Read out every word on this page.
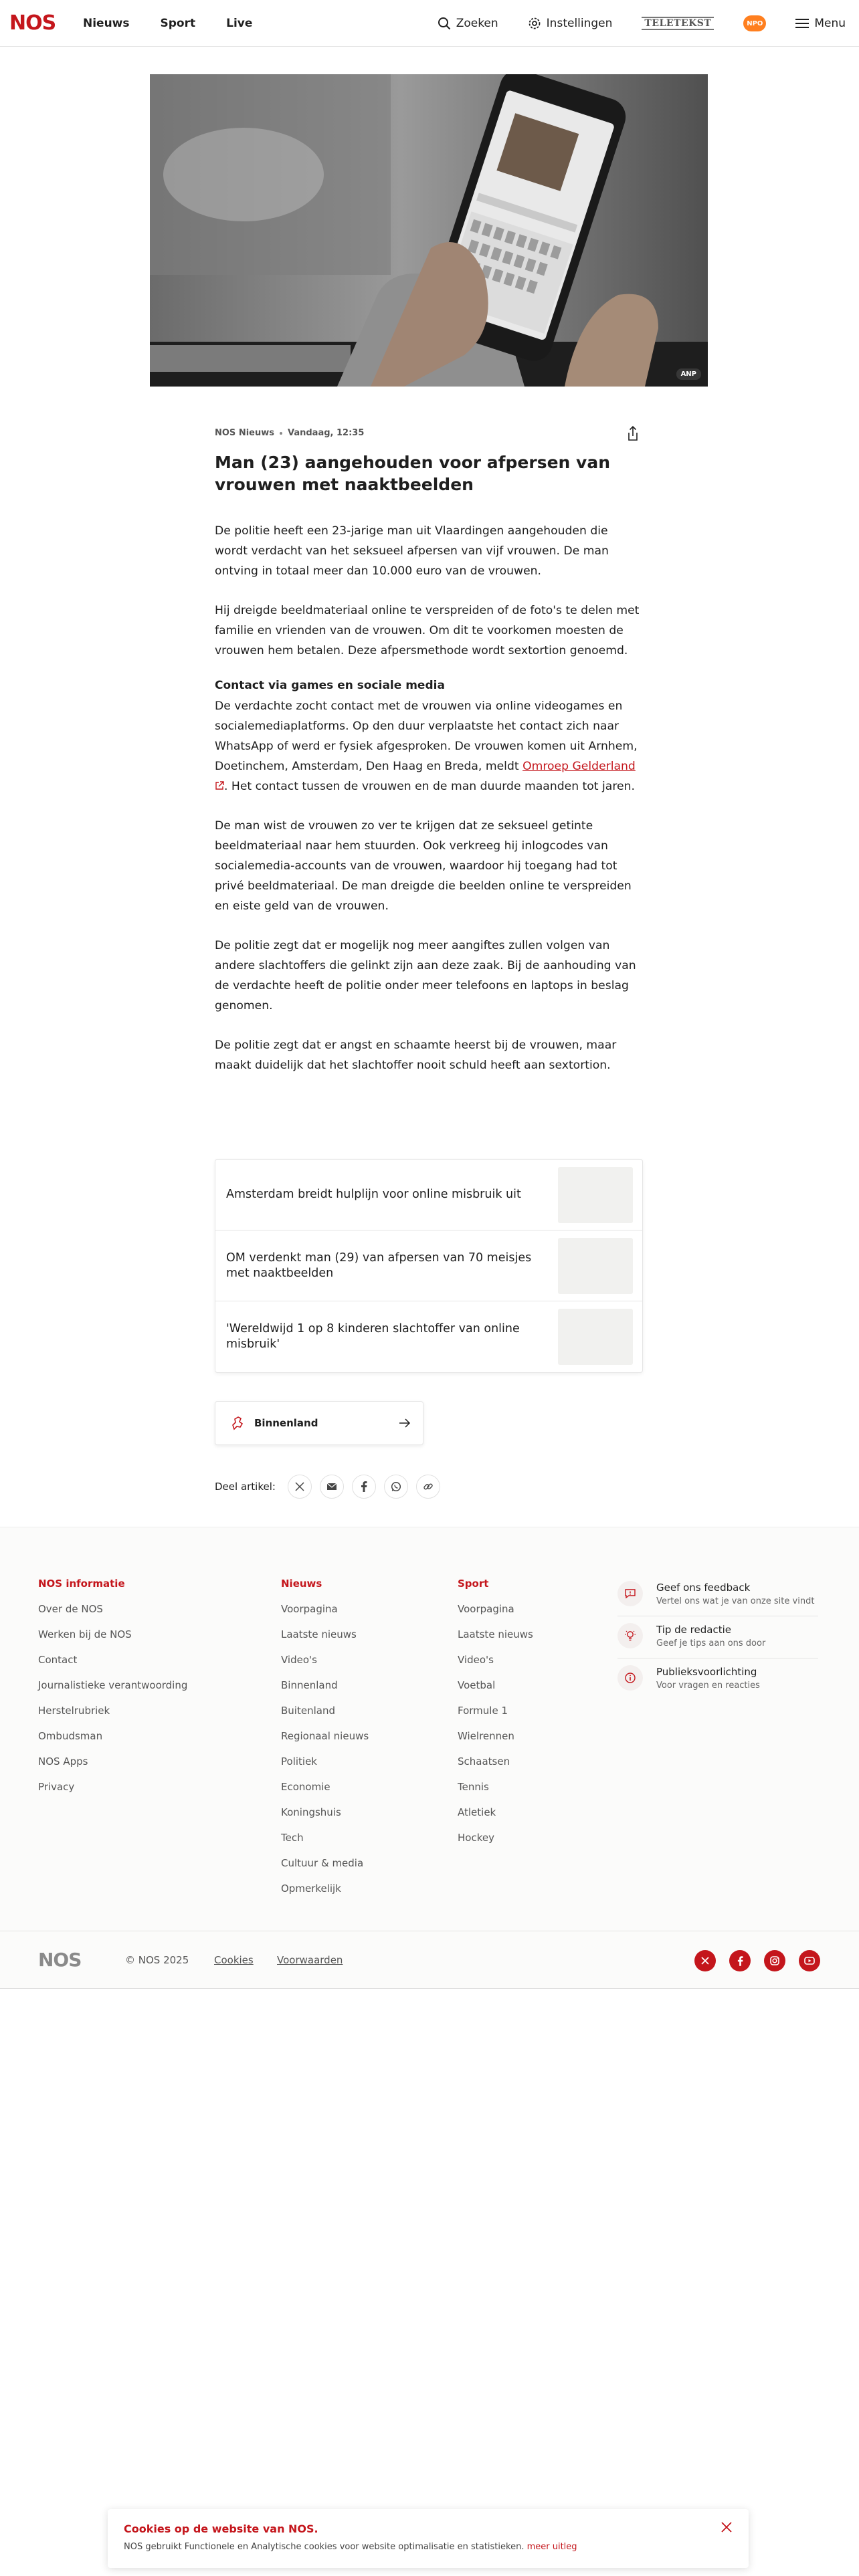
NOS Nieuws	Sport	Live	Zoeken	Instellingen	TELETEKST	NPO	Menu
ANP
NOS Nieuws Vandaag, 12:35
Man (23) aangehouden voor afpersen van vrouwen met naaktbeelden

De politie heeft een 23-jarige man uit Vlaardingen aangehouden die wordt verdacht van het seksueel afpersen van vijf vrouwen. De man ontving in totaal meer dan 10.000 euro van de vrouwen.

Hij dreigde beeldmateriaal online te verspreiden of de foto's te delen met familie en vrienden van de vrouwen. Om dit te voorkomen moesten de vrouwen hem betalen. Deze afpersmethode wordt sextortion genoemd.

Contact via games en sociale media

De verdachte zocht contact met de vrouwen via online videogames en socialemediaplatforms. Op den duur verplaatste het contact zich naar WhatsApp of werd er fysiek afgesproken. De vrouwen komen uit Arnhem, Doetinchem, Amsterdam, Den Haag en Breda, meldt Omroep Gelderland . Het contact tussen de vrouwen en de man duurde maanden tot jaren.

De man wist de vrouwen zo ver te krijgen dat ze seksueel getinte beeldmateriaal naar hem stuurden. Ook verkreeg hij inlogcodes van socialemedia-accounts van de vrouwen, waardoor hij toegang had tot privé beeldmateriaal. De man dreigde die beelden online te verspreiden en eiste geld van de vrouwen.

De politie zegt dat er mogelijk nog meer aangiftes zullen volgen van andere slachtoffers die gelinkt zijn aan deze zaak. Bij de aanhouding van de verdachte heeft de politie onder meer telefoons en laptops in beslag genomen.

De politie zegt dat er angst en schaamte heerst bij de vrouwen, maar maakt duidelijk dat het slachtoffer nooit schuld heeft aan sextortion.

Amsterdam breidt hulplijn voor online misbruik uit
OM verdenkt man (29) van afpersen van 70 meisjes met naaktbeelden
'Wereldwijd 1 op 8 kinderen slachtoffer van online misbruik'
Binnenland
Deel artikel:
NOS informatie
Over de NOS
Werken bij de NOS
Contact
Journalistieke verantwoording
Herstelrubriek
Ombudsman
NOS Apps
Privacy
Nieuws
Voorpagina
Laatste nieuws
Video's
Binnenland
Buitenland
Regionaal nieuws
Politiek
Economie
Koningshuis
Tech
Cultuur & media
Opmerkelijk
Sport
Voorpagina
Laatste nieuws
Video's
Voetbal
Formule 1
Wielrennen
Schaatsen
Tennis
Atletiek
Hockey
Geef ons feedback
Vertel ons wat je van onze site vindt
Tip de redactie
Geef je tips aan ons door
Publieksvoorlichting
Voor vragen en reacties
NOS	© NOS 2025	Cookies Voorwaarden
Cookies op de website van NOS.
NOS gebruikt Functionele en Analytische cookies voor website optimalisatie en statistieken. meer uitleg
